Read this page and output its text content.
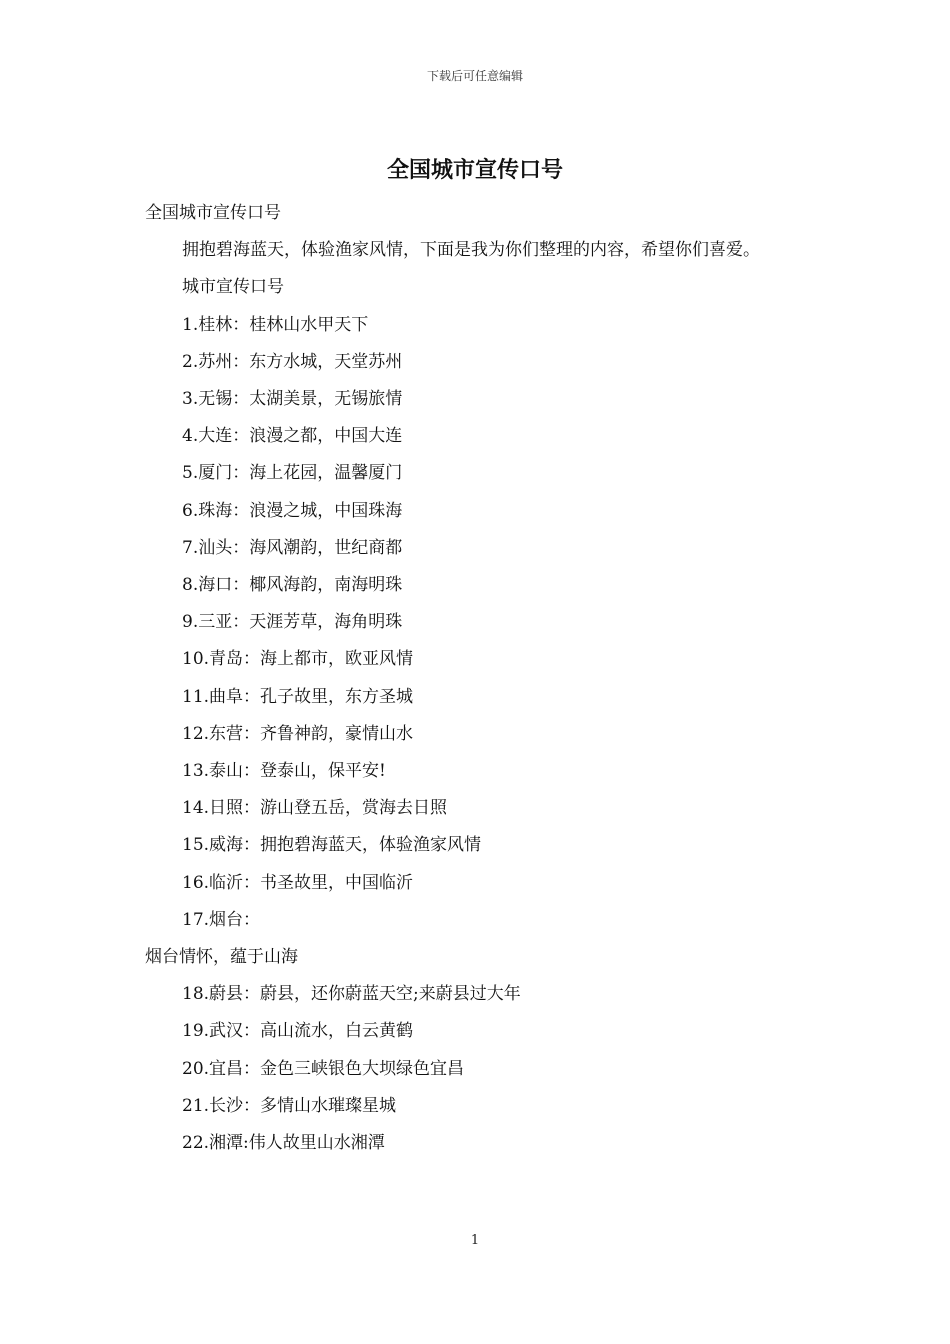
下载后可任意编辑
全国城市宣传口号

全国城市宣传口号

拥抱碧海蓝天，体验渔家风情，下面是我为你们整理的内容，希望你们喜爱。

城市宣传口号

1.桂林：桂林山水甲天下

2.苏州：东方水城，天堂苏州

3.无锡：太湖美景，无锡旅情

4.大连：浪漫之都，中国大连

5.厦门：海上花园，温馨厦门

6.珠海：浪漫之城，中国珠海

7.汕头：海风潮韵，世纪商都

8.海口：椰风海韵，南海明珠

9.三亚：天涯芳草，海角明珠

10.青岛：海上都市，欧亚风情

11.曲阜：孔子故里，东方圣城

12.东营：齐鲁神韵，豪情山水

13.泰山：登泰山，保平安!

14.日照：游山登五岳，赏海去日照

15.威海：拥抱碧海蓝天，体验渔家风情

16.临沂：书圣故里，中国临沂

17.烟台：

烟台情怀，蕴于山海

18.蔚县：蔚县，还你蔚蓝天空;来蔚县过大年

19.武汉：高山流水，白云黄鹤

20.宜昌：金色三峡银色大坝绿色宜昌

21.长沙：多情山水璀璨星城

22.湘潭:伟人故里山水湘潭

1
